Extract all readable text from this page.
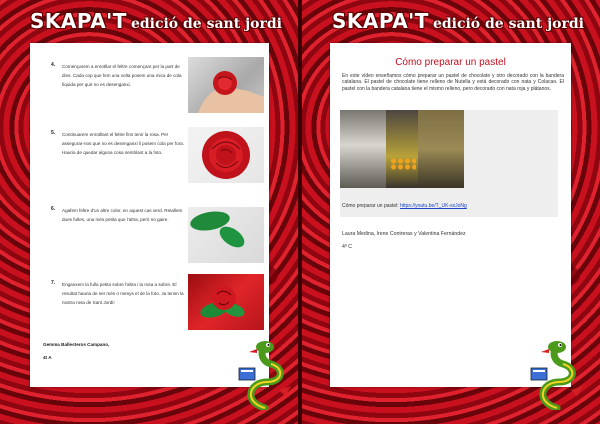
SKAPA'T edició de sant jordi
4. Començarem a enrotllar el feltre començant per la part de dins. Cada cop que fem una volta posem una mica de cola líquida per què no es desenganxi.
5. Continuarem enrotllant el feltre fins tenir la rosa. Per assegurar-nos que no es desenganxi li posem cola per fora. Hauria de quedar alguna cosa semblant a la foto.
6. Agafem feltre d'un altre color, en aquest cas verd. Retallem dues fulles, una més petita que l'altra, però no gaire.
7. Enganxem la fulla petita sobre l'altra i la rosa a sobre. El resultat hauria de ser més o menys el de la foto. Ja tenim la nostra rosa de Sant Jordi!
Gemma Ballesteros Campano,
4t A
SKAPA'T edició de sant jordi
Cómo preparar un pastel
En este vídeo enseñamos cómo preparar un pastel de chocolate y otro decorado con la bandera catalana. El pastel de chocolate tiene relleno de Nutella y está decorado con nata y Colacao. El pastel con la bandera catalana tiene el mismo relleno, pero decorado con nata roja y plátanos.
Cómo preparar un pastel: https://youtu.be/T_UK-sxJoNg
Laura Medina, Irene Contreras y Valentina Fernández
4º C
